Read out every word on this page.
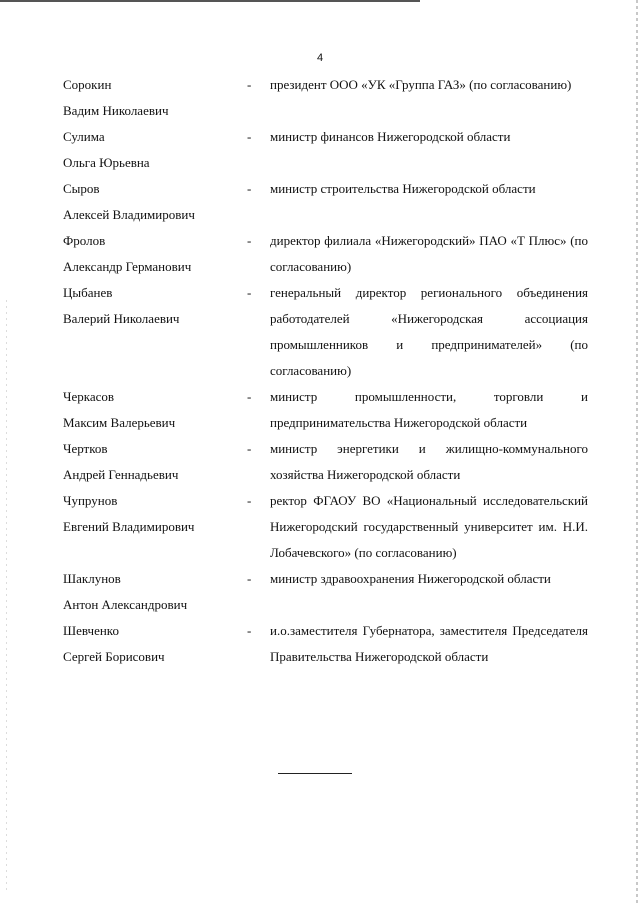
4
Сорокин
Вадим Николаевич
-	президент ООО «УК «Группа ГАЗ» (по согласованию)
Сулима
Ольга Юрьевна
-	министр финансов Нижегородской области
Сыров
Алексей Владимирович
-	министр строительства Нижегородской области
Фролов
Александр Германович
-	директор филиала «Нижегородский» ПАО «Т Плюс» (по согласованию)
Цыбанев
Валерий Николаевич
-	генеральный директор регионального объединения работодателей «Нижегородская ассоциация промышленников и предпринимателей» (по согласованию)
Черкасов
Максим Валерьевич
-	министр промышленности, торговли и предпринимательства Нижегородской области
Чертков
Андрей Геннадьевич
-	министр энергетики и жилищно-коммунального хозяйства Нижегородской области
Чупрунов
Евгений Владимирович
-	ректор ФГАОУ ВО «Национальный исследовательский Нижегородский государственный университет им. Н.И. Лобачевского» (по согласованию)
Шаклунов
Антон Александрович
-	министр здравоохранения Нижегородской области
Шевченко
Сергей Борисович
-	и.о.заместителя Губернатора, заместителя Председателя Правительства Нижегородской области
